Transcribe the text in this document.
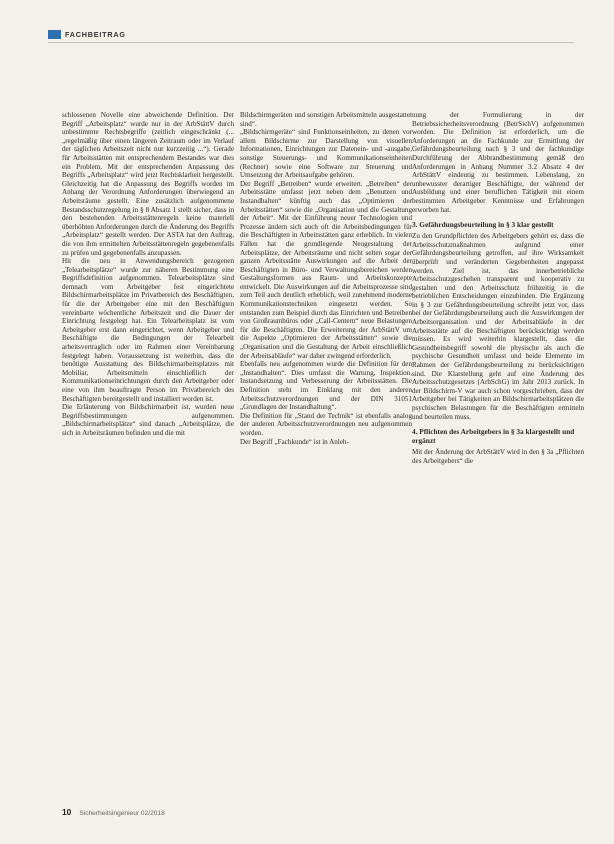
FACHBEITRAG

schlossenen Novelle eine abweichende Definition. Der Begriff „Arbeitsplatz“ wurde nur in der ArbStättV durch unbestimmte Rechtsbegriffe (zeitlich eingeschränkt (... „regelmäßig über einen längeren Zeitraum oder im Verlauf der täglichen Arbeitszeit nicht nur kurzzeitig ...“). Gerade für Arbeitsstätten mit entsprechendem Bestandes war dies ein Problem. Mit der entsprechenden Anpassung des Begriffs „Arbeitsplatz“ wird jetzt Rechtsklarheit hergestellt. Gleichzeitig hat die Anpassung des Begriffs worden im Anhang der Verordnung Anforderungen überwiegend an Arbeitsräume gestellt. Eine zusätzlich aufgenommene Bestandsschutzregelung in § 8 Absatz 1 stellt sicher, dass in den bestehenden Arbeitsstättenregeln keine materiell überhöhten Anforderungen durch die Änderung des Begriffs „Arbeitsplatz“ gestellt werden. Der ASTA hat den Auftrag, die von ihm ermittelten Arbeitsstättenregeln gegebenenfalls zu prüfen und gegebenenfalls anzupassen.

Hit die neu in Anwendungsbereich gezogenen „Telearbeitsplätze“ wurde zur näheren Bestimmung eine Begriffsdefinition aufgenommen. Telearbeitsplätze sind demnach vom Arbeitgeber fest eingerichtete Bildschirmarbeitsplätze im Privatbereich des Beschäftigten, für die der Arbeitgeber eine mit den Beschäftigten vereinbarte wöchentliche Arbeitszeit und die Dauer der Einrichtung festgelegt hat. Ein Telearbeitsplatz ist vom Arbeitgeber erst dann eingerichtet, wenn Arbeitgeber und Beschäftigte die Bedingungen der Telearbeit arbeitsvertraglich oder im Rahmen einer Vereinbarung festgelegt haben. Voraussetzung ist weiterhin, dass die benötigte Ausstattung des Bildschirmarbeitsplatzes mit Mobiliar, Arbeitsmitteln einschließlich der Kommunikationseinrichtungen durch den Arbeitgeber oder eine von ihm beauftragte Person im Privatbereich des Beschäftigten bereitgestellt und installiert worden ist.

Die Erläuterung von Bildschirmarbeit ist, wurden neue Begriffsbestimmungen aufgenommen. „Bildschirmarbeitsplätze“ sind danach „Arbeitsplätze, die sich in Arbeitsräumen befinden und die mit

Bildschirmgeräten und sonstigen Arbeitsmitteln ausgestattet sind“.

„Bildschirmgeräte“ sind Funktionseinheiten, zu denen vor allem Bildschirme zur Darstellung von visuellen Informationen, Einrichtungen zur Datenein- und -ausgabe, sonstige Steuerungs- und Kommunikationseinheiten (Rechner) sowie eine Software zur Steuerung und Umsetzung der Arbeitsaufgabe gehören.

Der Begriff „Betreiben“ wurde erweitert. „Betreiben“ der Arbeitsstätte umfasst jetzt neben dem „Benutzen und Instandhalten“ künftig auch das „Optimieren der Arbeitsstätten“ sowie die „Organisation und die Gestaltung der Arbeit“. Mit der Einführung neuer Technologien und Prozesse ändern sich auch oft die Arbeitsbedingungen für die Beschäftigten in Arbeitsstätten ganz erheblich. In vielen Fällen hat die grundlegende Neugestaltung der Arbeitsplätze, der Arbeitsräume und nicht selten sogar der ganzen Arbeitsstätte Auswirkungen auf die Arbeit der Beschäftigten in Büro- und Verwaltungsbereichen werden Gestaltungsformen aus Raum- und Arbeitskonzepte entwickelt. Die Auswirkungen auf die Arbeitsprozesse sind zum Teil auch deutlich erheblich, weil zunehmend moderne Kommunikationstechniken eingesetzt werden. So entstanden zum Beispiel durch das Einrichten und Betreiben von Großraumbüros oder „Call-Centern“ neue Belastungen für die Beschäftigten. Die Erweiterung der ArbStättV um die Aspekte „Optimieren der Arbeitsstätten“ sowie die „Organisation und die Gestaltung der Arbeit einschließlich der Arbeitsabläufe“ war daher zwingend erforderlich.

Ebenfalls neu aufgenommen wurde die Definition für den „Instandhalten“. Dies umfasst die Wartung, Inspektion, Instandsetzung und Verbesserung der Arbeitsstätten. Die Definition steht im Einklang mit den anderen Arbeitsschutzverordnungen und der DIN 31051 „Grundlagen der Instandhaltung“.

Die Definition für „Stand der Technik“ ist ebenfalls analog der anderen Arbeitsschutzverordnungen neu aufgenommen worden.

Der Begriff „Fachkunde“ ist in Anleh-

nung der Formulierung in der Betriebssicherheitsverordnung (BetrSichV) aufgenommen worden. Die Definition ist erforderlich, um die Anforderungen an die Fachkunde zur Ermittlung der Gefährdungsbeurteilung nach § 3 und der fachkundige Durchführung der Abbrandbestimmung gemäß den Anforderungen in Anhang Nummer 3.2 Absatz 4 der ArbStättV eindeutig zu bestimmen. Lebenslang, zu unbewusster derartiger Beschäftigte, der während der Ausbildung und einer beruflichen Tätigkeit mit einem bestimmten Arbeitgeber Kenntnisse und Erfahrungen erworben hat.

3. Gefährdungsbeurteilung in § 3 klar gestellt

Zu den Grundpflichten des Arbeitgebers gehört es, dass die Arbeitsschutzmaßnahmen aufgrund einer Gefährdungsbeurteilung getroffen, auf ihre Wirksamkeit überprüft und veränderten Gegebenheiten angepasst werden. Ziel ist, das innerbetriebliche Arbeitsschutzgeschehen transparent und kooperativ zu gestalten und den Arbeitsschutz frühzeitig in die betrieblichen Entscheidungen einzubinden. Die Ergänzung in § 3 zur Gefährdungsbeurteilung schreibt jetzt vor, dass bei der Gefährdungsbeurteilung auch die Auswirkungen der Arbeitsorganisation und der Arbeitsabläufe in der Arbeitsstätte auf die Beschäftigten berücksichtigt werden müssen. Es wird weiterhin klargestellt, dass die Gesundheitsbegriff sowohl die physische als auch die psychische Gesundheit umfasst und beide Elemente im Rahmen der Gefährdungsbeurteilung zu berücksichtigen sind. Die Klarstellung geht auf eine Änderung des Arbeitsschutzgesetzes (ArbSchG) im Jahr 2013 zurück. In der Bildschirm-V war auch schon vorgeschrieben, dass der Arbeitgeber bei Tätigkeiten an Bildschirmarbeitsplätzen die psychischen Belastungen für die Beschäftigten ermitteln und beurteilen muss.

4. Pflichten des Arbeitgebers in § 3a klargestellt und ergänzt

Mit der Änderung der ArbStättV wird in den § 3a „Pflichten des Arbeitgebers“ die

10 Sicherheitsingenieur 02/2018
